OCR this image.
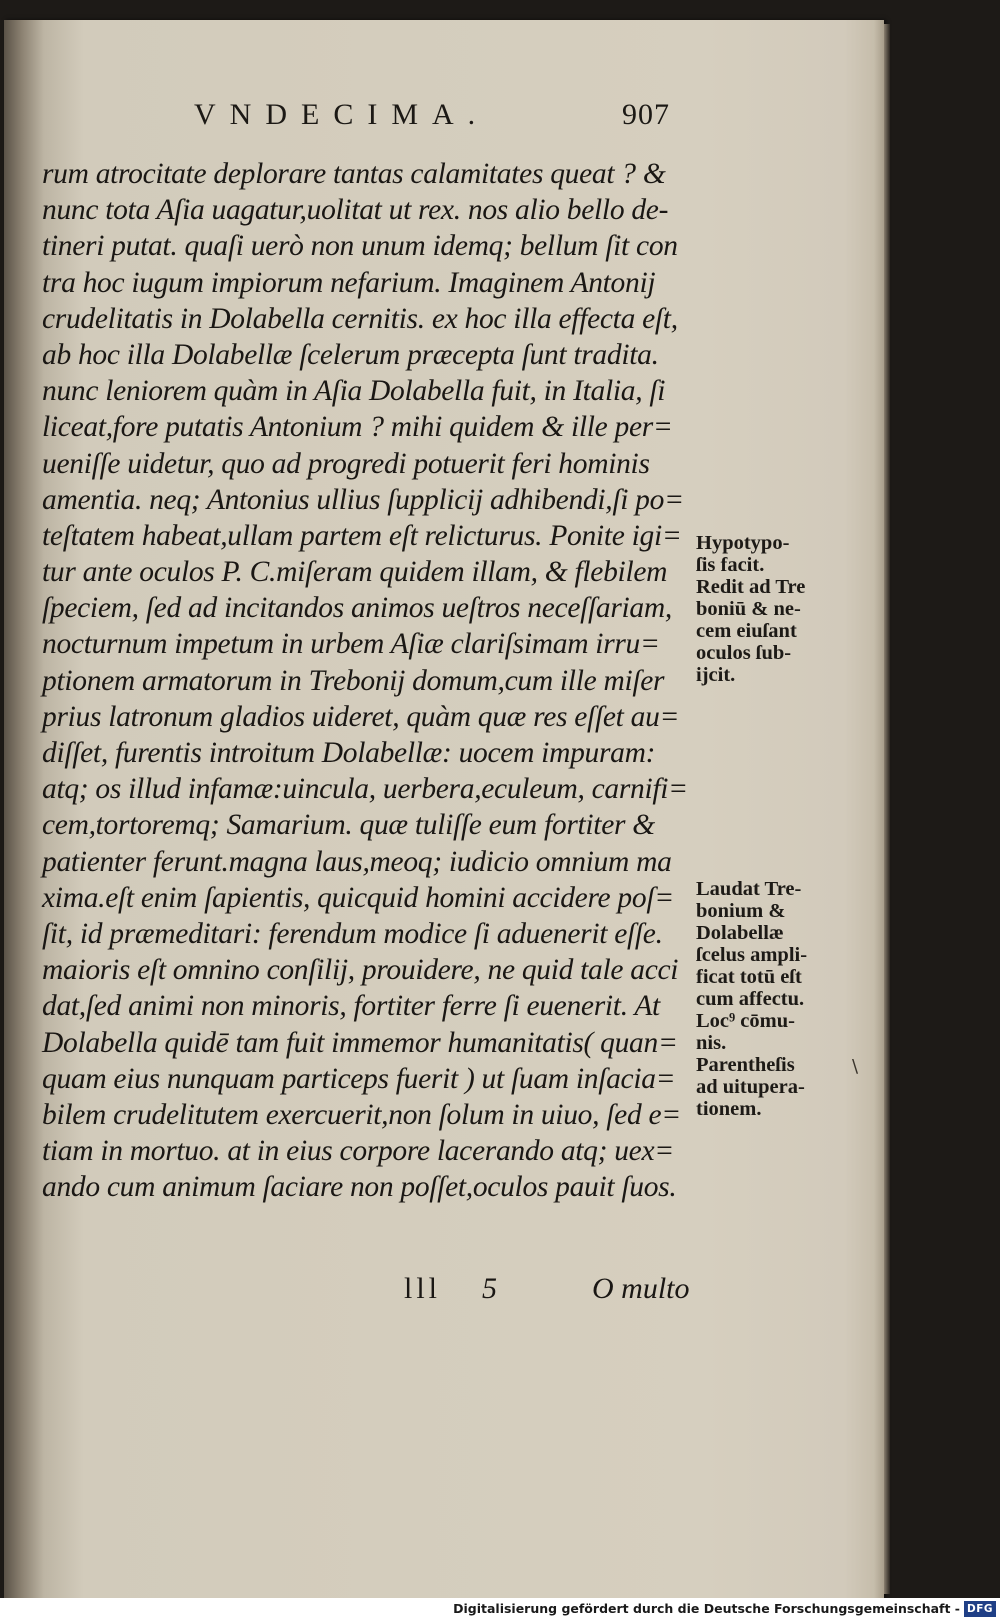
VNDECIMA.	907
rum atrocitate deplorare tantas calamitates queat ? &
nunc tota Aſia uagatur,uolitat ut rex. nos alio bello de-
tineri putat. quaſi uerò non unum idemq; bellum ſit con
tra hoc iugum impiorum nefarium. Imaginem Antonij
crudelitatis in Dolabella cernitis. ex hoc illa effecta eſt,
ab hoc illa Dolabellæ ſcelerum præcepta ſunt tradita.
nunc leniorem quàm in Aſia Dolabella fuit, in Italia, ſi
liceat,fore putatis Antonium ? mihi quidem & ille per=
ueniſſe uidetur, quo ad progredi potuerit feri hominis
amentia. neq; Antonius ullius ſupplicij adhibendi,ſi po=
teſtatem habeat,ullam partem eſt relicturus. Ponite igi=
tur ante oculos P. C.miſeram quidem illam, & flebilem
ſpeciem, ſed ad incitandos animos ueſtros neceſſariam,
nocturnum impetum in urbem Aſiæ clariſsimam irru=
ptionem armatorum in Trebonij domum,cum ille miſer
prius latronum gladios uideret, quàm quæ res eſſet au=
diſſet, furentis introitum Dolabellæ: uocem impuram:
atq; os illud infamæ:uincula, uerbera,eculeum, carnifi=
cem,tortoremq; Samarium. quæ tuliſſe eum fortiter &
patienter ferunt.magna laus,meoq; iudicio omnium ma
xima.eſt enim ſapientis, quicquid homini accidere poſ=
ſit, id præmeditari: ferendum modice ſi aduenerit eſſe.
maioris eſt omnino conſilij, prouidere, ne quid tale acci
dat,ſed animi non minoris, fortiter ferre ſi euenerit. At
Dolabella quidē tam fuit immemor humanitatis( quan=
quam eius nunquam particeps fuerit ) ut ſuam inſacia=
bilem crudelitutem exercuerit,non ſolum in uiuo, ſed e=
tiam in mortuo. at in eius corpore lacerando atq; uex=
ando cum animum ſaciare non poſſet,oculos pauit ſuos.
lll 5	O multo
Hypotypo-
ſis facit.
Redit ad Tre
boniū & ne-
cem eiuſant
oculos ſub-
ijcit.
Laudat Tre-
bonium &
Dolabellæ
ſcelus ampli-
ficat totū eſt
cum affectu.
Loc⁹ cōmu-
nis.
Parentheſis
ad uitupera-
tionem.
\
Digitalisierung gefördert durch die Deutsche Forschungsgemeinschaft - DFG
